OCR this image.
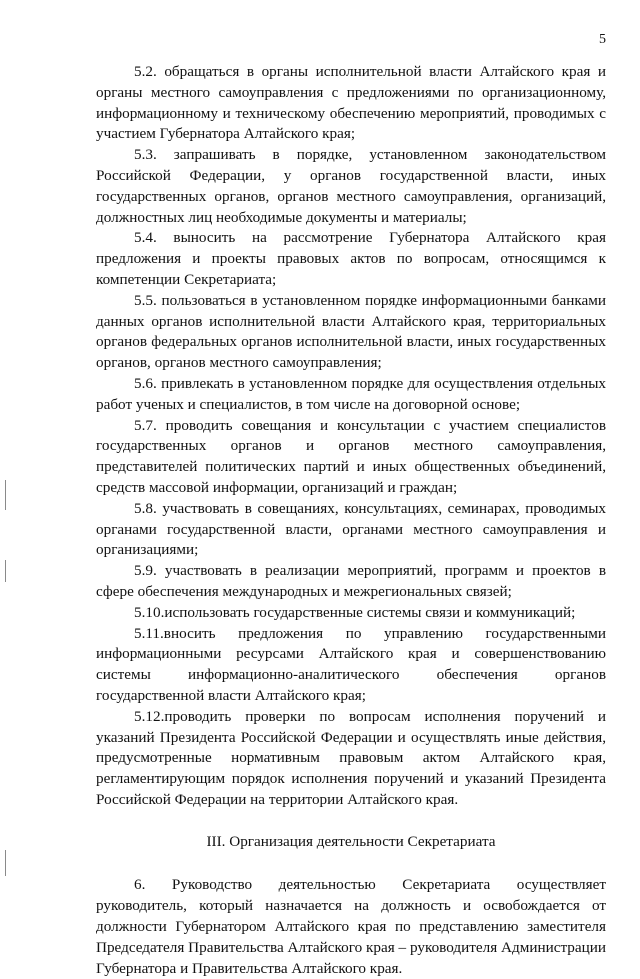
5

5.2. обращаться в органы исполнительной власти Алтайского края и органы местного самоуправления с предложениями по организационному, информационному и техническому обеспечению мероприятий, проводимых с участием Губернатора Алтайского края;

5.3. запрашивать в порядке, установленном законодательством Российской Федерации, у органов государственной власти, иных государственных органов, органов местного самоуправления, организаций, должностных лиц необходимые документы и материалы;

5.4. выносить на рассмотрение Губернатора Алтайского края предложения и проекты правовых актов по вопросам, относящимся к компетенции Секретариата;

5.5. пользоваться в установленном порядке информационными банками данных органов исполнительной власти Алтайского края, территориальных органов федеральных органов исполнительной власти, иных государственных органов, органов местного самоуправления;

5.6. привлекать в установленном порядке для осуществления отдельных работ ученых и специалистов, в том числе на договорной основе;

5.7. проводить совещания и консультации с участием специалистов государственных органов и органов местного самоуправления, представителей политических партий и иных общественных объединений, средств массовой информации, организаций и граждан;

5.8. участвовать в совещаниях, консультациях, семинарах, проводимых органами государственной власти, органами местного самоуправления и организациями;

5.9. участвовать в реализации мероприятий, программ и проектов в сфере обеспечения международных и межрегиональных связей;

5.10.использовать государственные системы связи и коммуникаций;

5.11.вносить предложения по управлению государственными информационными ресурсами Алтайского края и совершенствованию системы информационно-аналитического обеспечения органов государственной власти Алтайского края;

5.12.проводить проверки по вопросам исполнения поручений и указаний Президента Российской Федерации и осуществлять иные действия, предусмотренные нормативным правовым актом Алтайского края, регламентирующим порядок исполнения поручений и указаний Президента Российской Федерации на территории Алтайского края.

III. Организация деятельности Секретариата

6. Руководство деятельностью Секретариата осуществляет руководитель, который назначается на должность и освобождается от должности Губернатором Алтайского края по представлению заместителя Председателя Правительства Алтайского края – руководителя Администрации Губернатора и Правительства Алтайского края.
